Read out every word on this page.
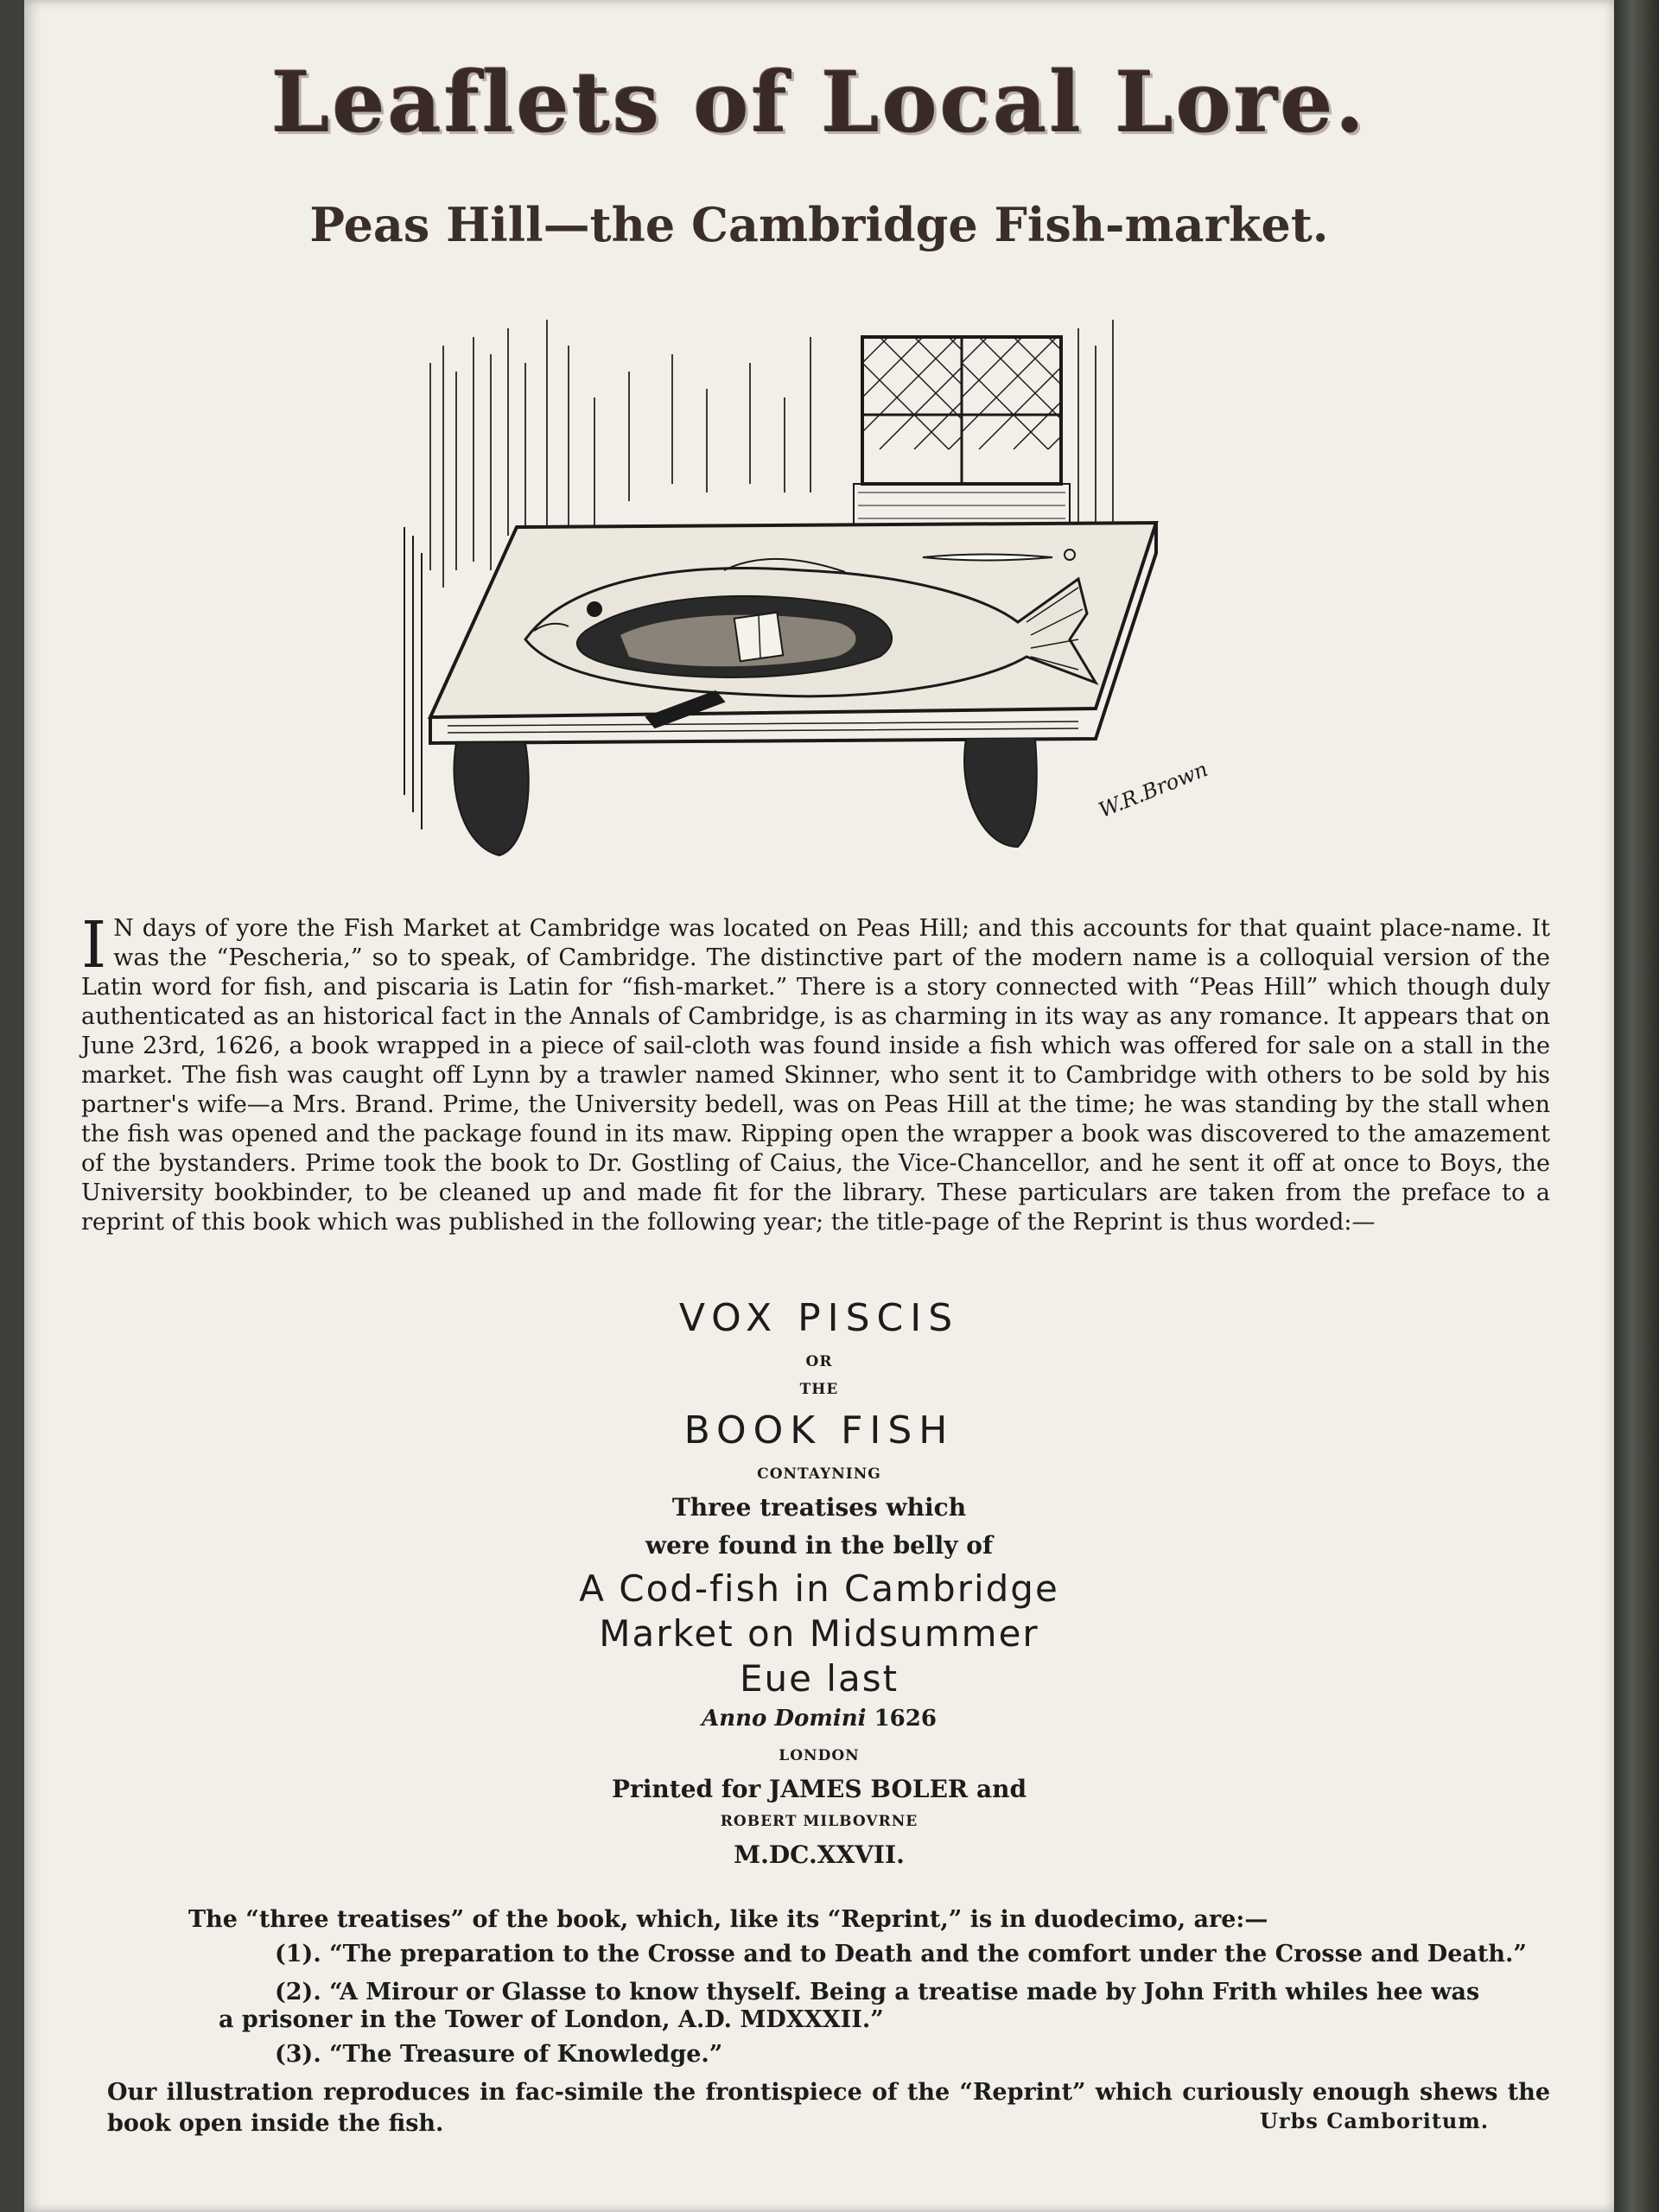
Leaflets of Local Lore.
Peas Hill—the Cambridge Fish-market.
W.R.Brown
I N days of yore the Fish Market at Cambridge was located on Peas Hill; and this accounts for that quaint place-name. It was the “Pescheria,” so to speak, of Cambridge. The distinctive part of the modern name is a colloquial version of the Latin word for fish, and piscaria is Latin for “fish-market.” There is a story connected with “Peas Hill” which though duly authenticated as an historical fact in the Annals of Cambridge, is as charming in its way as any romance. It appears that on June 23rd, 1626, a book wrapped in a piece of sail-cloth was found inside a fish which was offered for sale on a stall in the market. The fish was caught off Lynn by a trawler named Skinner, who sent it to Cambridge with others to be sold by his partner's wife—a Mrs. Brand. Prime, the University bedell, was on Peas Hill at the time; he was standing by the stall when the fish was opened and the package found in its maw. Ripping open the wrapper a book was discovered to the amazement of the bystanders. Prime took the book to Dr. Gostling of Caius, the Vice-Chancellor, and he sent it off at once to Boys, the University bookbinder, to be cleaned up and made fit for the library. These particulars are taken from the preface to a reprint of this book which was published in the following year; the title-page of the Reprint is thus worded:—
VOX PISCIS
OR
THE
BOOK FISH
CONTAYNING
Three treatises which
were found in the belly of
A Cod-fish in Cambridge
Market on Midsummer
Eue last
Anno Domini 1626
LONDON
Printed for JAMES BOLER and
ROBERT MILBOVRNE
M.DC.XXVII.
The “three treatises” of the book, which, like its “Reprint,” is in duodecimo, are:—
(1). “The preparation to the Crosse and to Death and the comfort under the Crosse and Death.”
(2). “A Mirour or Glasse to know thyself. Being a treatise made by John Frith whiles hee was
a prisoner in the Tower of London, A.D. MDXXXII.”
(3). “The Treasure of Knowledge.”
Our illustration reproduces in fac-simile the frontispiece of the “Reprint” which curiously enough shews the book open inside the fish.	Urbs Camboritum.
